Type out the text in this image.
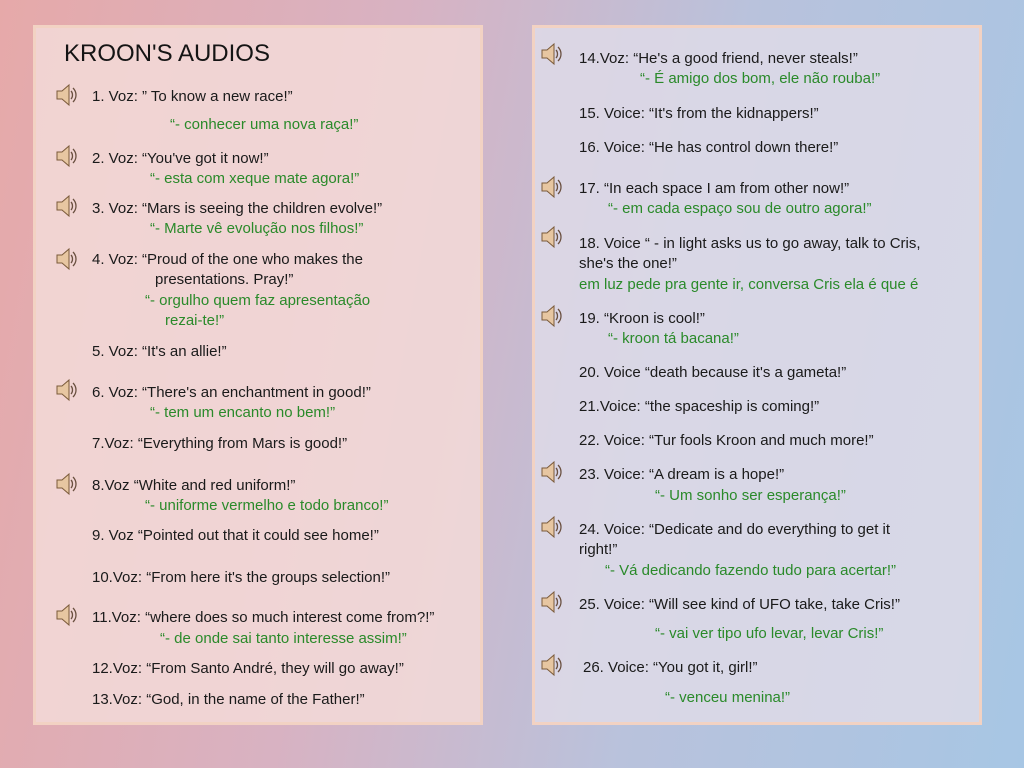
KROON'S AUDIOS
1. Voz: ” To know a new race!”
“- conhecer uma nova raça!”
2. Voz: “You've got it now!”
“- esta com xeque mate agora!”
3. Voz: “Mars is seeing the children evolve!”
“- Marte vê evolução nos filhos!”
4. Voz: “Proud of the one who makes the
presentations. Pray!”
“- orgulho quem faz apresentação
rezai-te!”
5. Voz: “It's an allie!”
6. Voz: “There's an enchantment in good!”
“- tem um encanto no bem!”
7.Voz: “Everything from Mars is good!”
8.Voz “White and red uniform!”
“- uniforme vermelho e todo branco!”
9. Voz “Pointed out that it could see home!”
10.Voz: “From here it's the groups selection!”
11.Voz: “where does so much interest come from?!”
“- de onde sai tanto interesse assim!”
12.Voz: “From Santo André, they will go away!”
13.Voz: “God, in the name of the Father!”
14.Voz: “He's a good friend, never steals!”
“- É amigo dos bom, ele não rouba!”
15. Voice: “It's from the kidnappers!”
16. Voice: “He has control down there!”
17. “In each space I am from other now!”
“- em cada espaço sou de outro agora!”
18. Voice “ - in light asks us to go away, talk to Cris,
she's the one!”
em luz pede pra gente ir, conversa Cris ela é que é
19. “Kroon is cool!”
“- kroon tá bacana!”
20. Voice “death because it's a gameta!”
21.Voice: “the spaceship is coming!”
22. Voice: “Tur fools Kroon and much more!”
23. Voice: “A dream is a hope!”
“- Um sonho ser esperança!”
24. Voice: “Dedicate and do everything to get it
right!”
“- Vá dedicando fazendo tudo para acertar!”
25. Voice: “Will see kind of UFO take, take Cris!”
“- vai ver tipo ufo levar, levar Cris!”
26. Voice: “You got it, girl!”
“- venceu menina!”
